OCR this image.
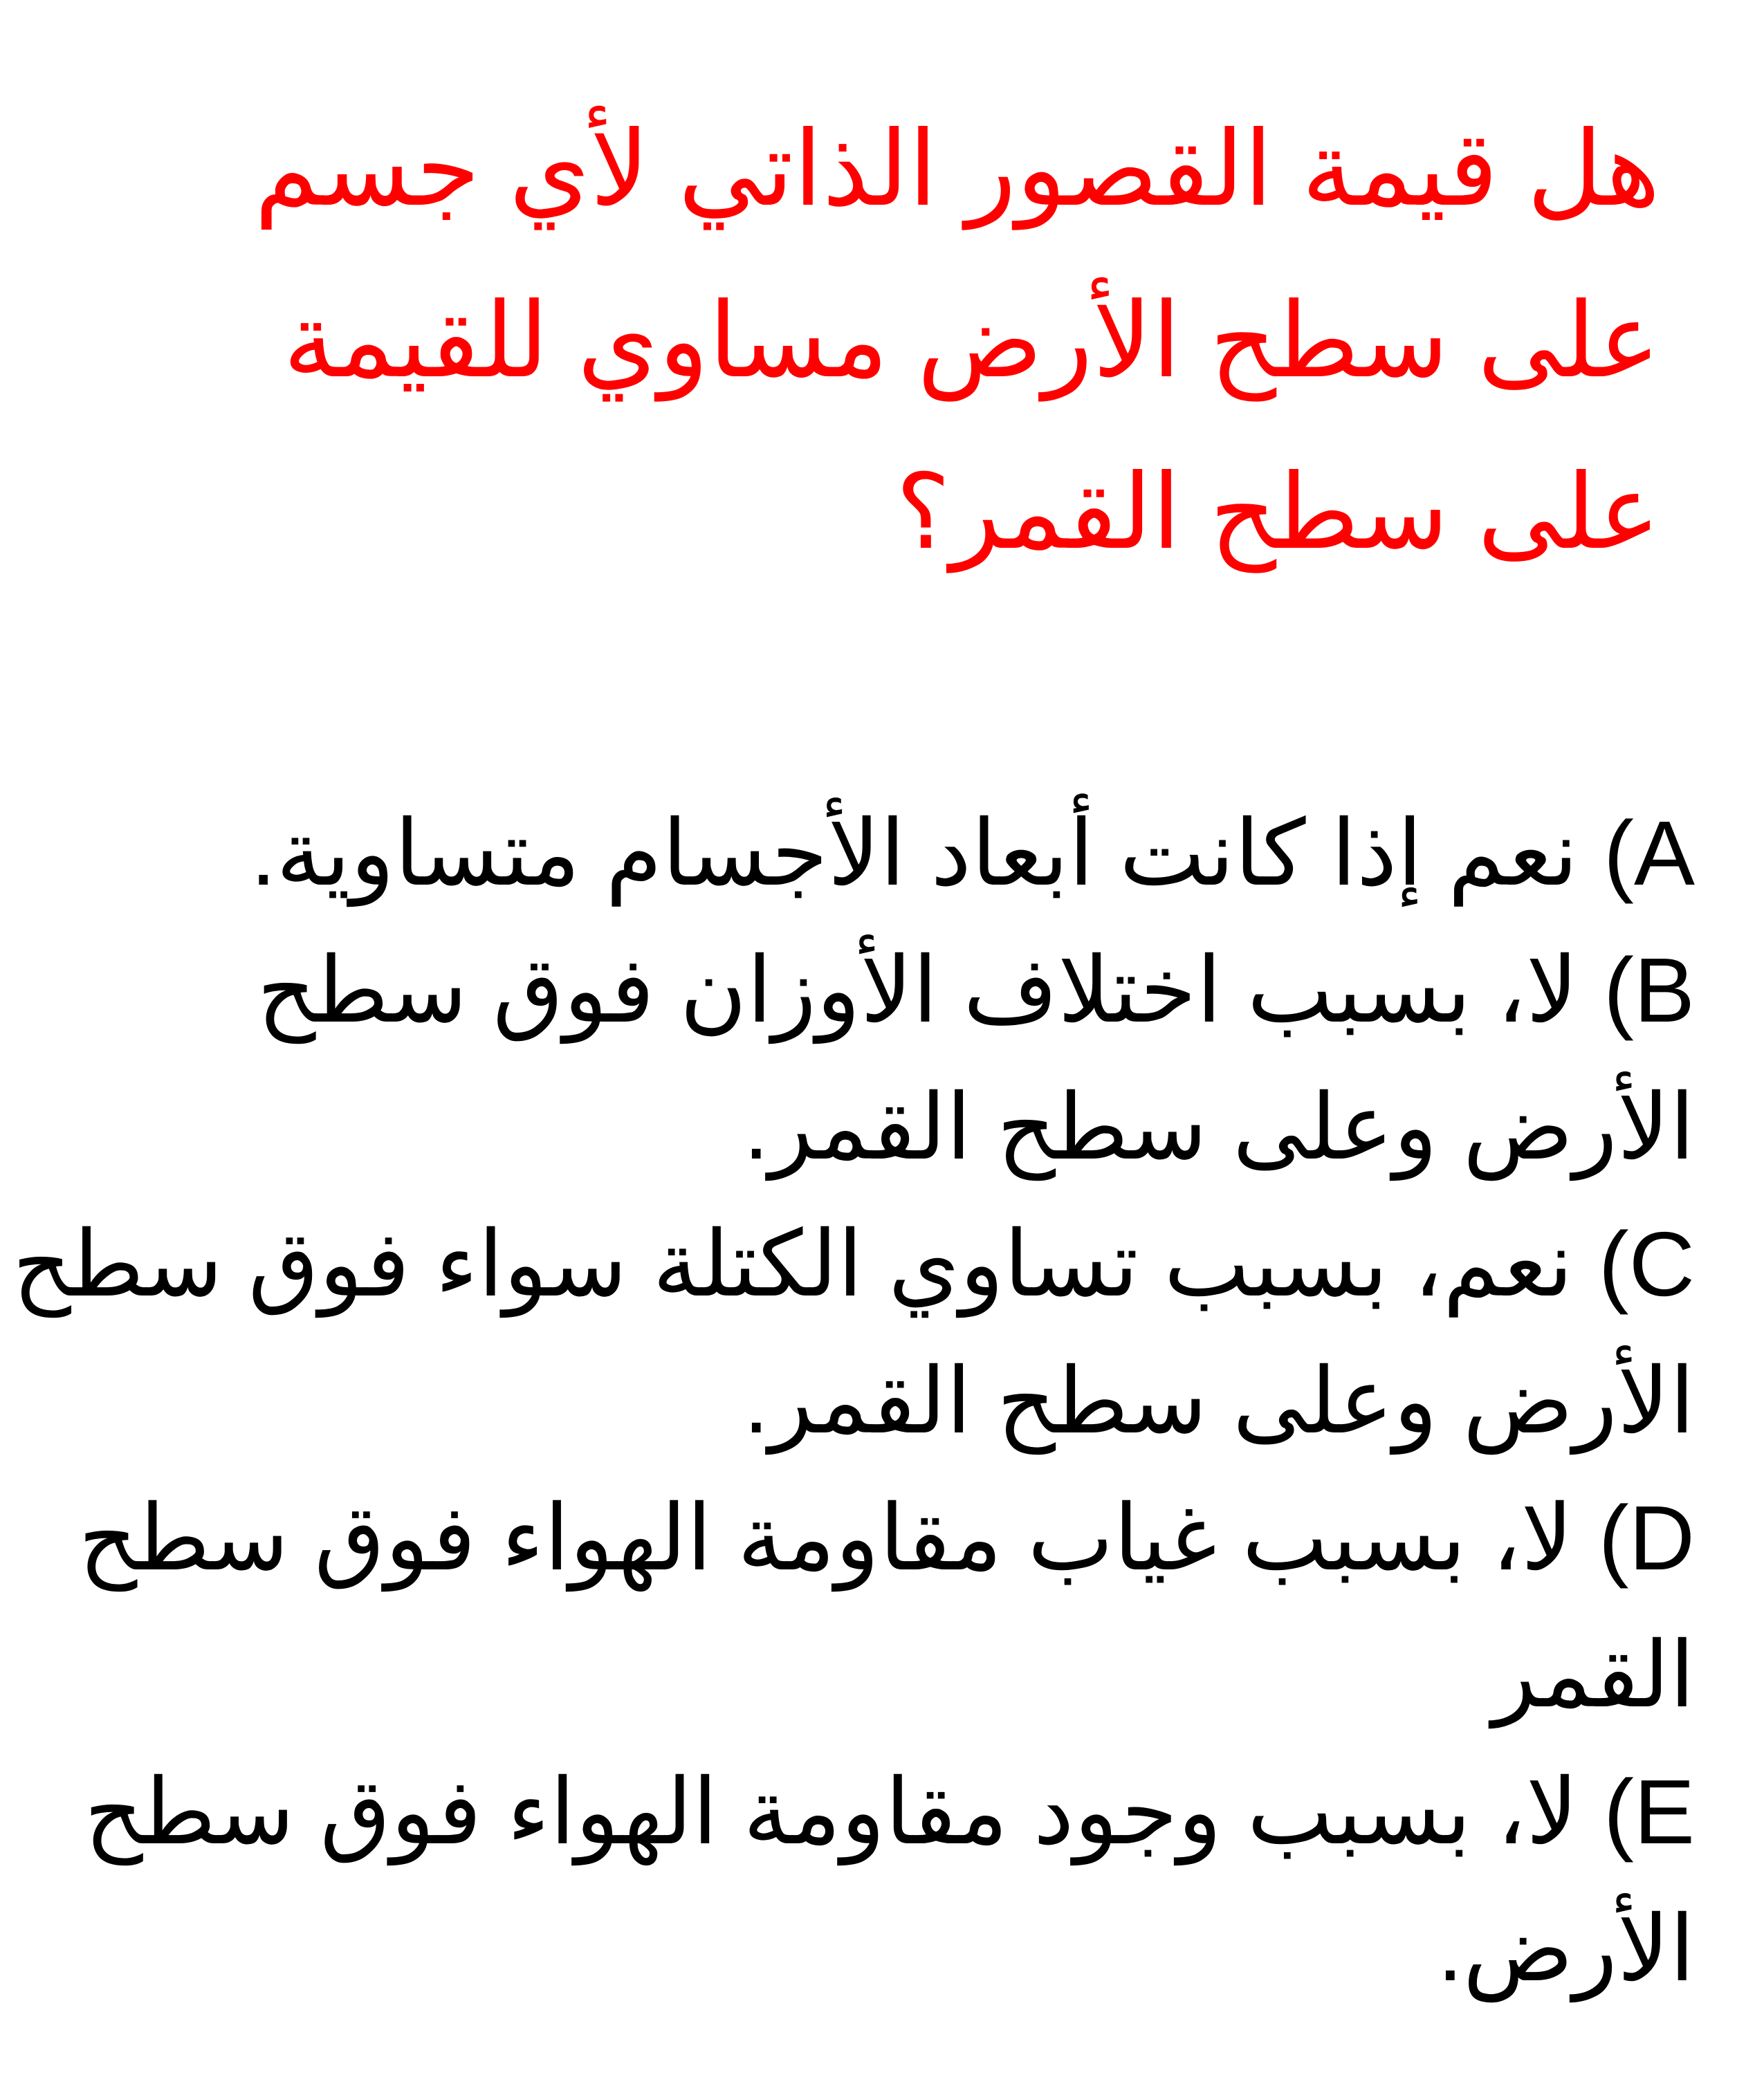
هل قيمة القصور الذاتي لأي جسم
على سطح الأرض مساوي للقيمة
على سطح القمر؟
A) نعم إذا كانت أبعاد الأجسام متساوية.
B) لا، بسبب اختلاف الأوزان فوق سطح
الأرض وعلى سطح القمر.
C) نعم، بسبب تساوي الكتلة سواء فوق سطح
الأرض وعلى سطح القمر.
D) لا، بسبب غياب مقاومة الهواء فوق سطح
القمر
E) لا، بسبب وجود مقاومة الهواء فوق سطح
الأرض.
